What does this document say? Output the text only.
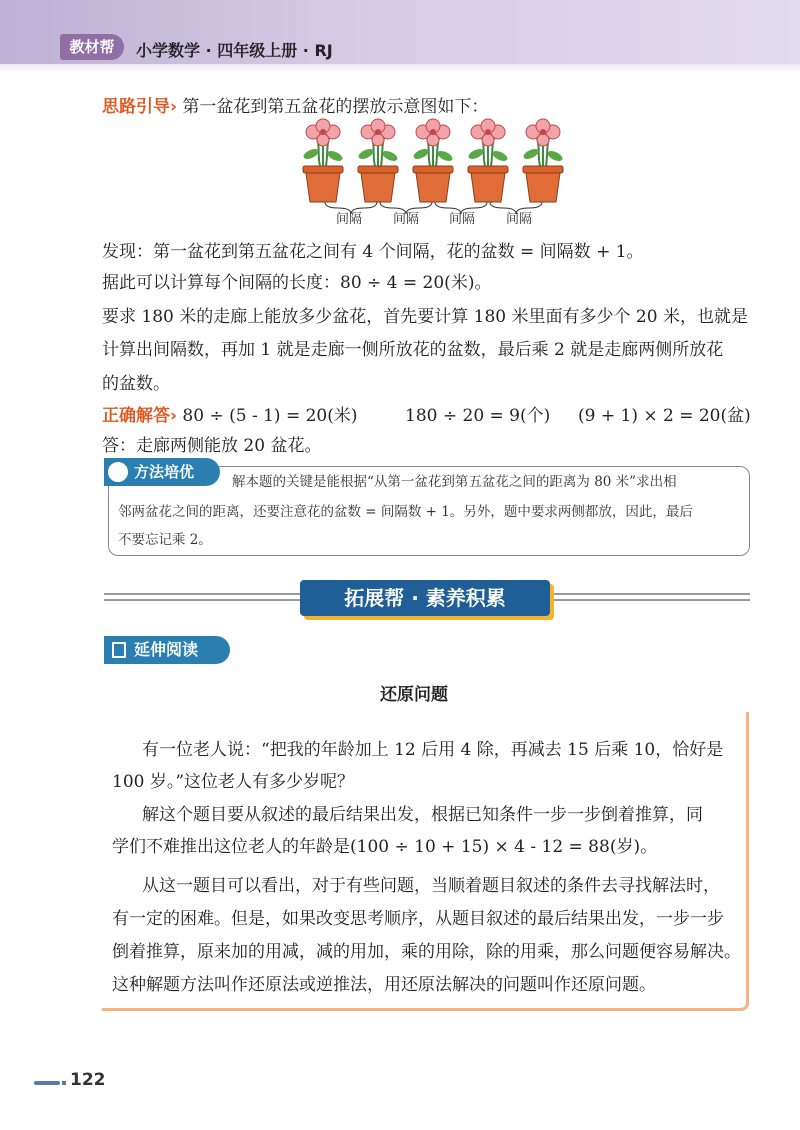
教材帮	小学数学 · 四年级上册 · RJ
思路引导› 第一盆花到第五盆花的摆放示意图如下：
间隔 间隔 间隔 间隔
发现：第一盆花到第五盆花之间有 4 个间隔，花的盆数 = 间隔数 + 1。
据此可以计算每个间隔的长度：80 ÷ 4 = 20(米)。
要求 180 米的走廊上能放多少盆花，首先要计算 180 米里面有多少个 20 米，也就是
计算出间隔数，再加 1 就是走廊一侧所放花的盆数，最后乘 2 就是走廊两侧所放花
的盆数。
正确解答› 80 ÷ (5 - 1) = 20(米)	180 ÷ 20 = 9(个) (9 + 1) × 2 = 20(盆)
答：走廊两侧能放 20 盆花。
方法培优
解本题的关键是能根据“从第一盆花到第五盆花之间的距离为 80 米”求出相
邻两盆花之间的距离，还要注意花的盆数 = 间隔数 + 1。另外，题中要求两侧都放，因此，最后
不要忘记乘 2。
拓展帮 · 素养积累
延伸阅读
还原问题
有一位老人说：“把我的年龄加上 12 后用 4 除，再减去 15 后乘 10，恰好是
100 岁。”这位老人有多少岁呢？
解这个题目要从叙述的最后结果出发，根据已知条件一步一步倒着推算，同
学们不难推出这位老人的年龄是(100 ÷ 10 + 15) × 4 - 12 = 88(岁)。
从这一题目可以看出，对于有些问题，当顺着题目叙述的条件去寻找解法时，
有一定的困难。但是，如果改变思考顺序，从题目叙述的最后结果出发，一步一步
倒着推算，原来加的用减，减的用加，乘的用除，除的用乘，那么问题便容易解决。
这种解题方法叫作还原法或逆推法，用还原法解决的问题叫作还原问题。
122
